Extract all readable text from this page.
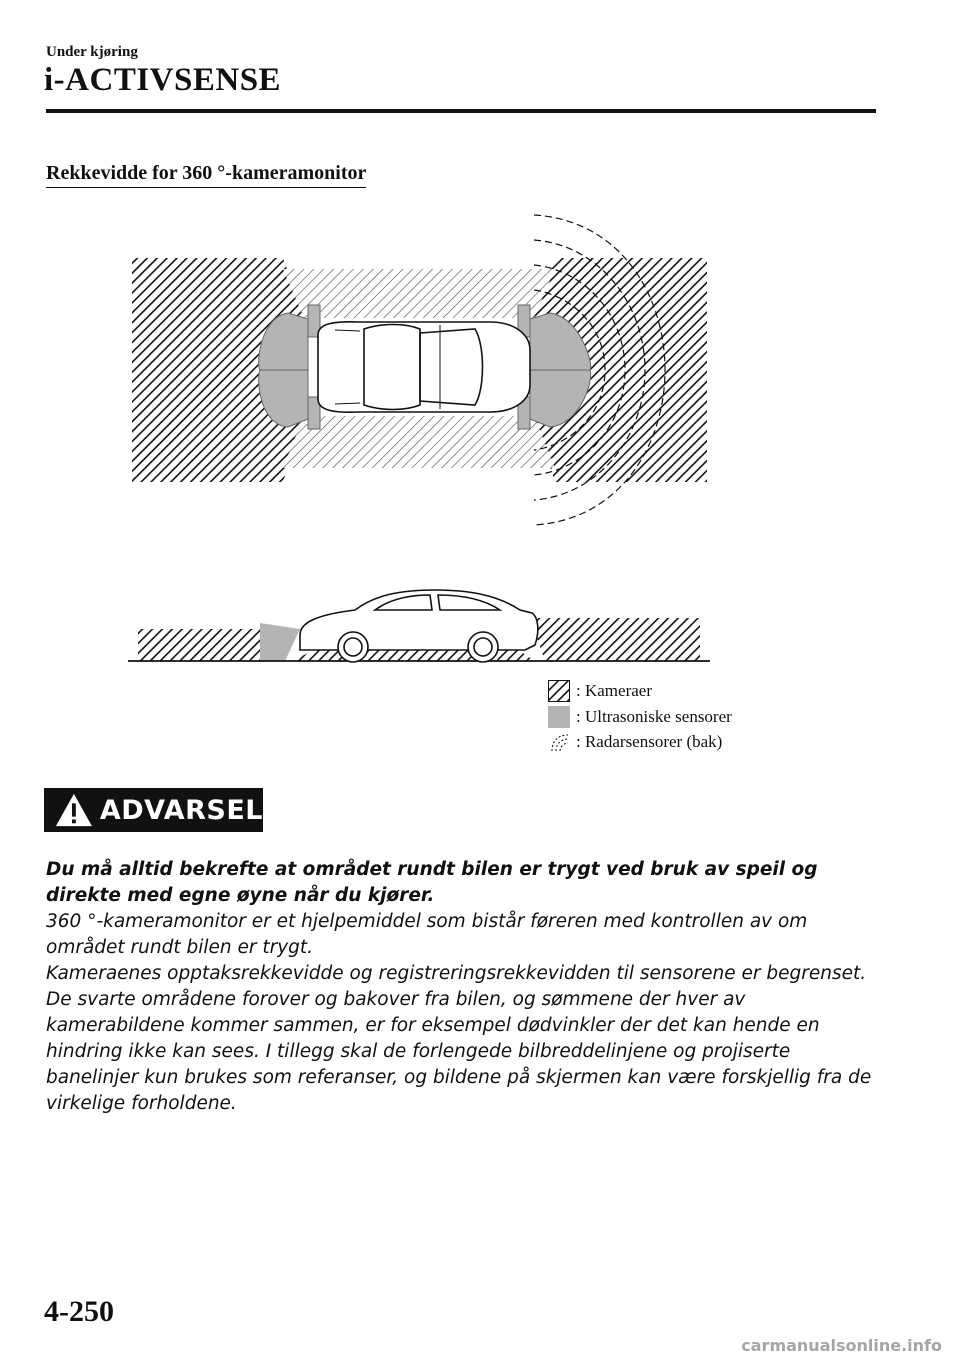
Under kjøring
i-ACTIVSENSE
Rekkevidde for 360 °-kameramonitor
: Kameraer
: Ultrasoniske sensorer
: Radarsensorer (bak)
ADVARSEL

Du må alltid bekrefte at området rundt bilen er trygt ved bruk av speil og direkte med egne øyne når du kjører.

360 °-kameramonitor er et hjelpemiddel som bistår føreren med kontrollen av om området rundt bilen er trygt.

Kameraenes opptaksrekkevidde og registreringsrekkevidden til sensorene er begrenset. De svarte områdene forover og bakover fra bilen, og sømmene der hver av kamerabildene kommer sammen, er for eksempel dødvinkler der det kan hende en hindring ikke kan sees. I tillegg skal de forlengede bilbreddelinjene og projiserte banelinjer kun brukes som referanser, og bildene på skjermen kan være forskjellig fra de virkelige forholdene.

4-250
carmanualsonline.info
